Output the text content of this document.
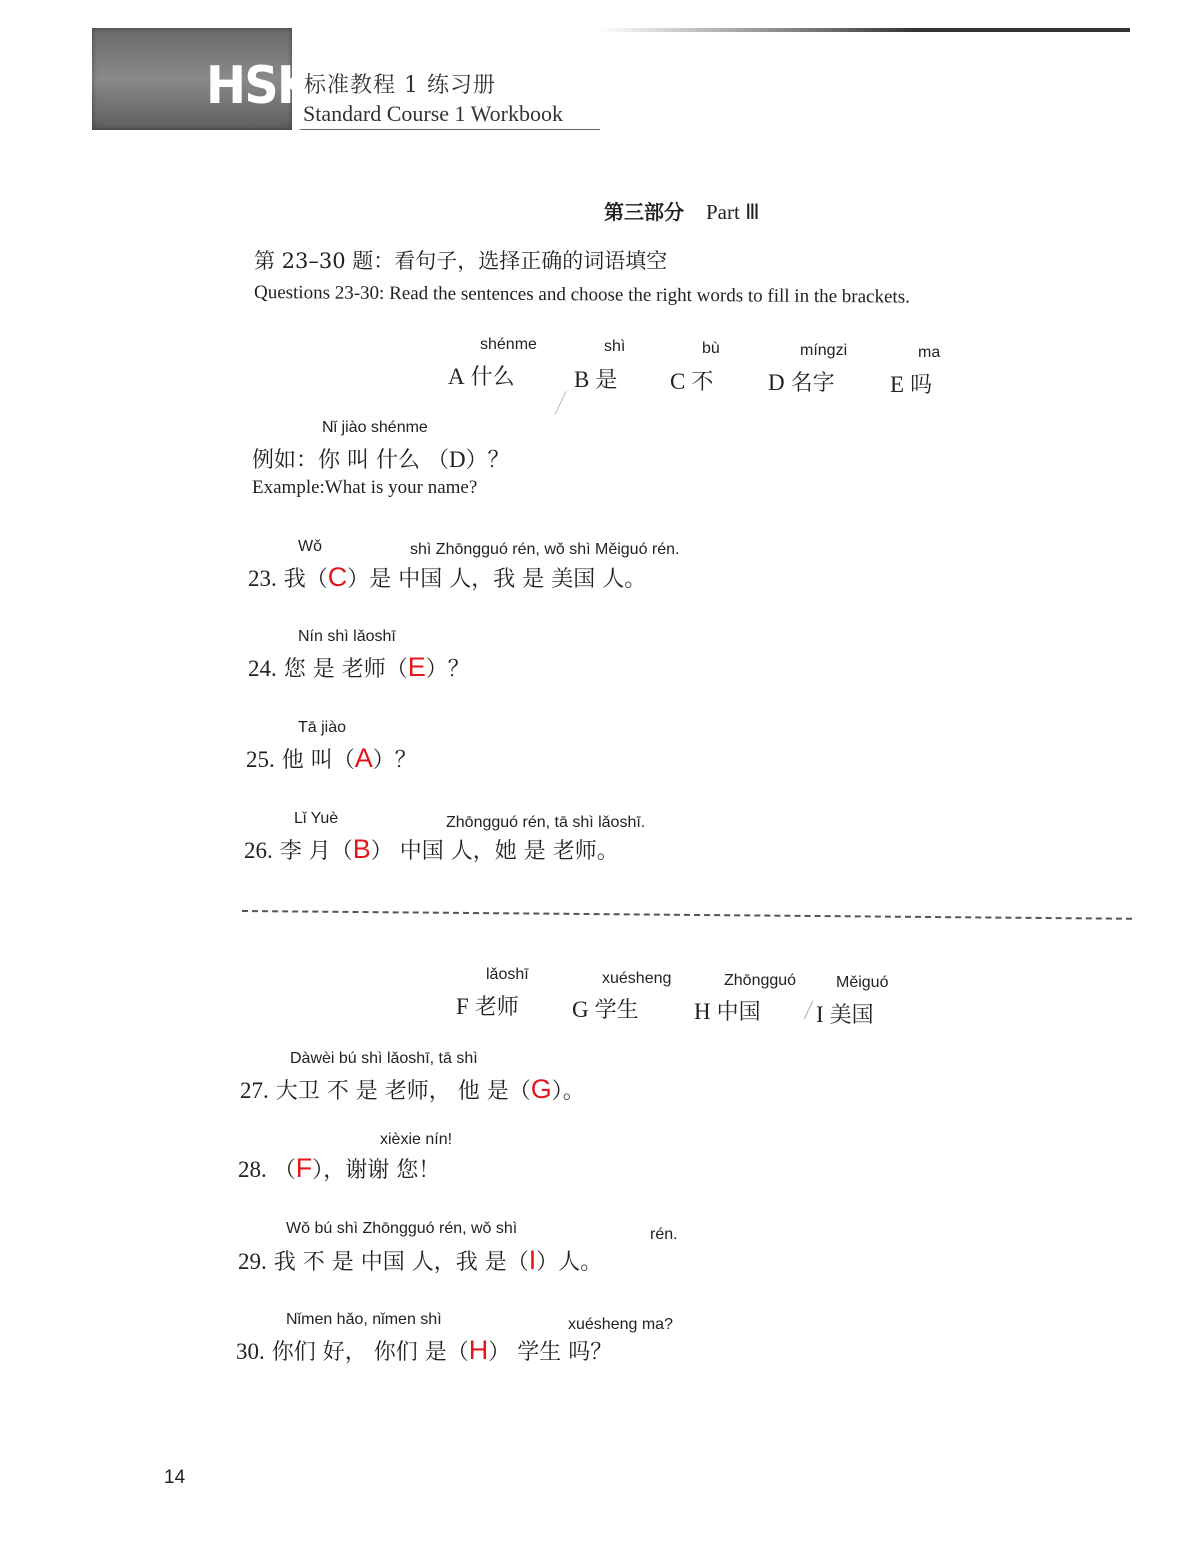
HSK
标准教程 1 练习册
Standard Course 1 Workbook
第三部分 Part Ⅲ
第 23–30 题：看句子，选择正确的词语填空
Questions 23-30: Read the sentences and choose the right words to fill in the brackets.
shénme
A 什么
shì
B 是
bù
C 不
míngzi
D 名字
ma
E 吗
Nǐ jiào shénme
例如：你 叫 什么 （D）？
Example:What is your name?
Wǒ	shì Zhōngguó rén, wǒ shì Měiguó rén.
23. 我（C）是 中国 人，我 是 美国 人。
Nín shì lǎoshī
24. 您 是 老师（E）？
Tā jiào
25. 他 叫（A）？
Lǐ Yuè	Zhōngguó rén, tā shì lǎoshī.
26. 李 月（B） 中国 人，她 是 老师。
lǎoshī
F 老师
xuésheng
G 学生
Zhōngguó
H 中国
Měiguó
I 美国
Dàwèi bú shì lǎoshī, tā shì
27. 大卫 不 是 老师， 他 是（G）。
xièxie nín!
28. （F），谢谢 您！
Wǒ bú shì Zhōngguó rén, wǒ shì	rén.
29. 我 不 是 中国 人，我 是（I）人。
Nǐmen hǎo, nǐmen shì	xuésheng ma?
30. 你们 好， 你们 是（H） 学生 吗？
14
